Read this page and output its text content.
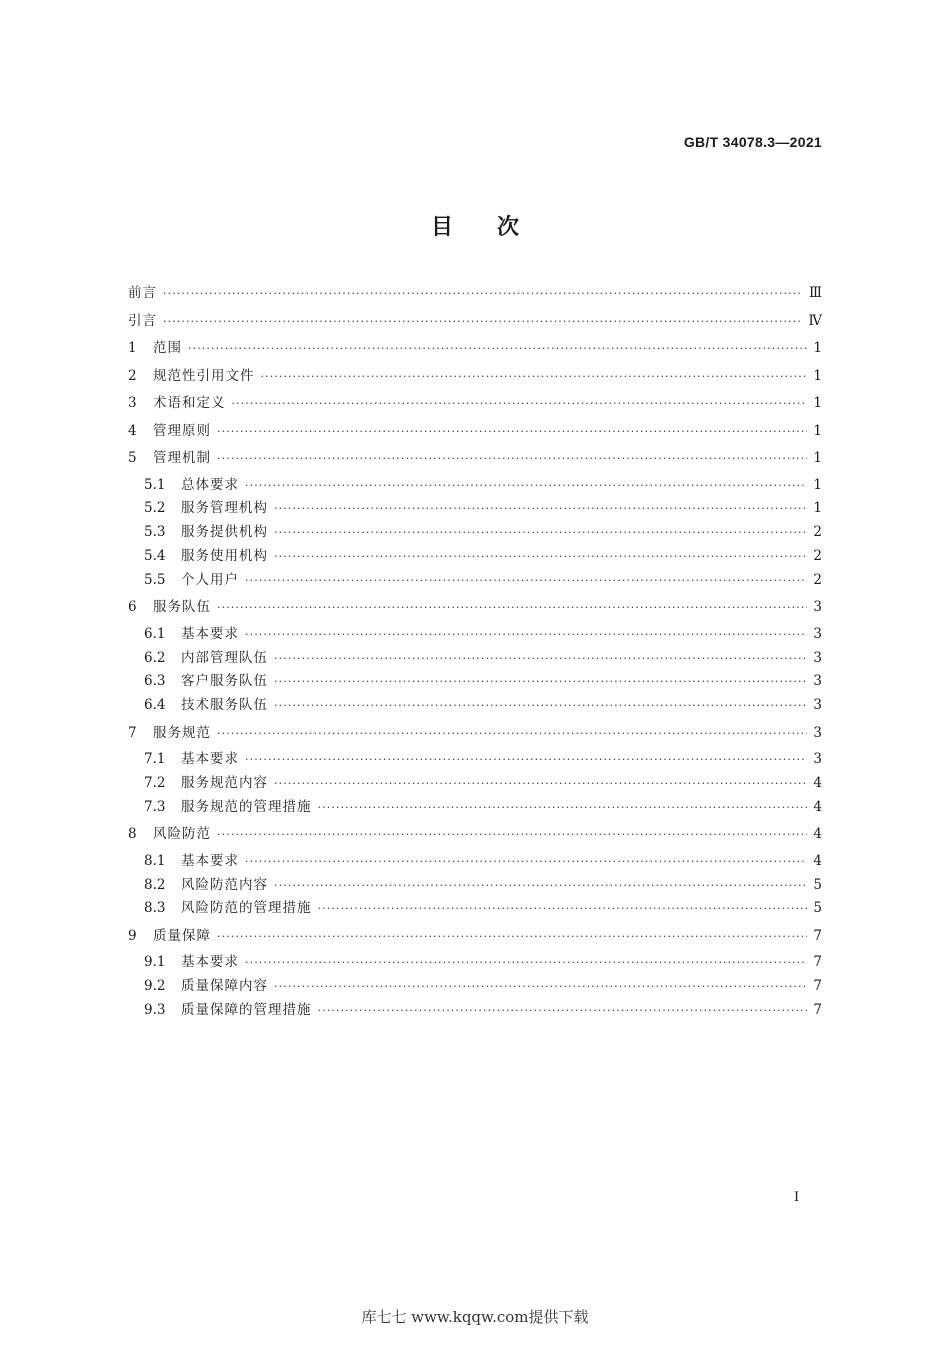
GB/T 34078.3—2021
目 次
前言 ·····	Ⅲ
引言 ·····	Ⅳ
1	范围 ·····	1
2	规范性引用文件 ·····	1
3	术语和定义 ·····	1
4	管理原则 ·····	1
5	管理机制 ·····	1
5.1	总体要求 ·····	1
5.2	服务管理机构 ·····	1
5.3	服务提供机构 ·····	2
5.4	服务使用机构 ·····	2
5.5	个人用户 ·····	2
6	服务队伍 ·····	3
6.1	基本要求 ·····	3
6.2	内部管理队伍 ·····	3
6.3	客户服务队伍 ·····	3
6.4	技术服务队伍 ·····	3
7	服务规范 ·····	3
7.1	基本要求 ·····	3
7.2	服务规范内容 ·····	4
7.3	服务规范的管理措施 ·····	4
8	风险防范 ·····	4
8.1	基本要求 ·····	4
8.2	风险防范内容 ·····	5
8.3	风险防范的管理措施 ·····	5
9	质量保障 ·····	7
9.1	基本要求 ·····	7
9.2	质量保障内容 ·····	7
9.3	质量保障的管理措施 ·····	7
I
库七七 www.kqqw.com提供下载
